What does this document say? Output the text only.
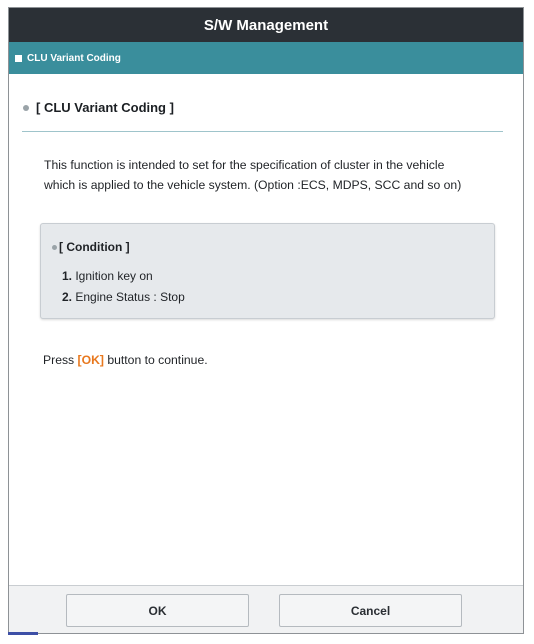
S/W Management
CLU Variant Coding
[ CLU Variant Coding ]
This function is intended to set for the specification of cluster in the vehicle
which is applied to the vehicle system. (Option :ECS, MDPS, SCC and so on)
[ Condition ]
1. Ignition key on
2. Engine Status : Stop
Press [OK] button to continue.
OK	Cancel
